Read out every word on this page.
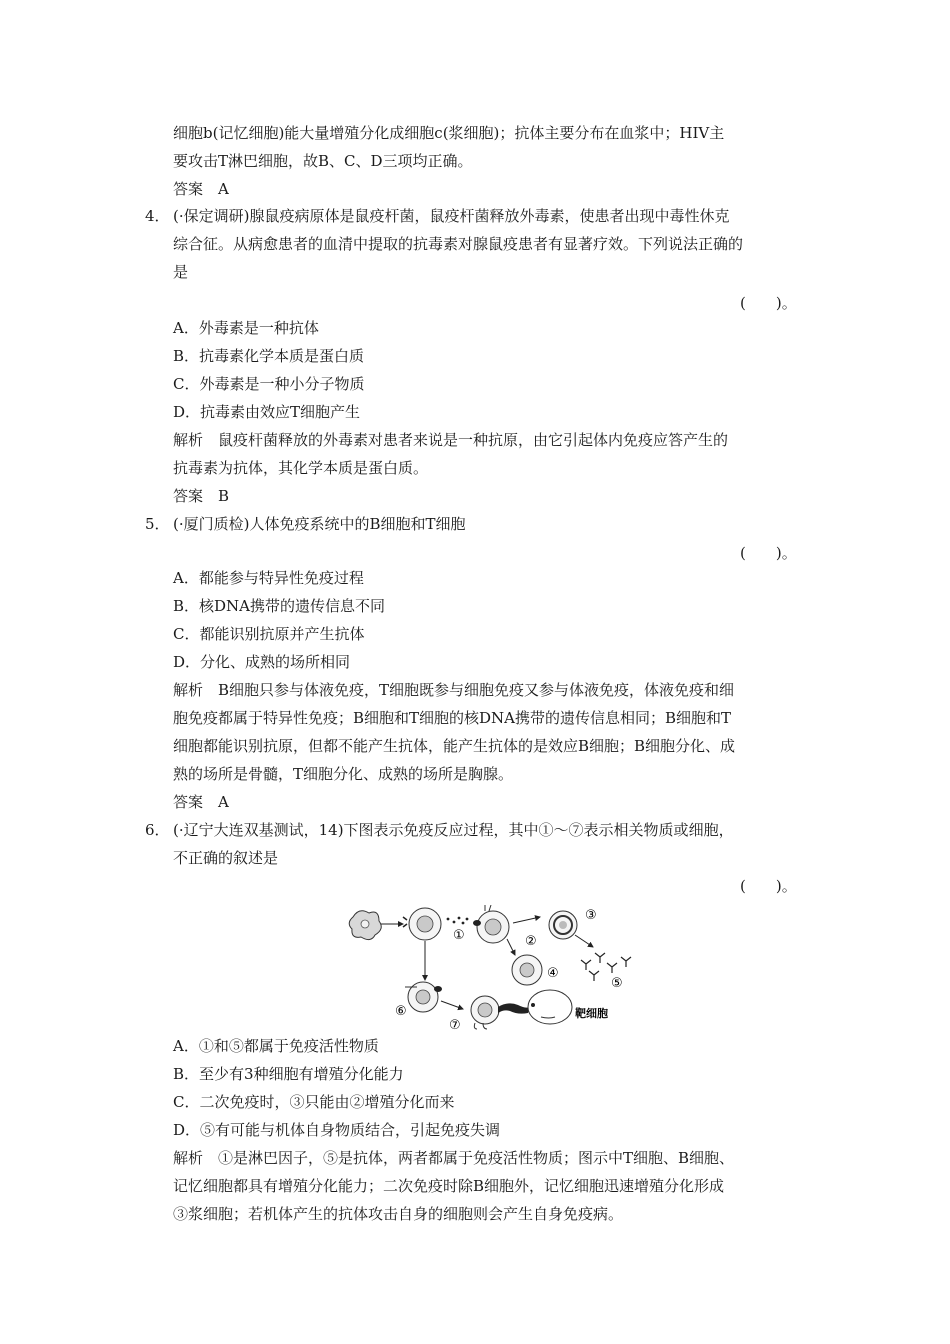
细胞b(记忆细胞)能大量增殖分化成细胞c(浆细胞)；抗体主要分布在血浆中；HIV主
要攻击T淋巴细胞，故B、C、D三项均正确。
答案　A
4． (·保定调研)腺鼠疫病原体是鼠疫杆菌，鼠疫杆菌释放外毒素，使患者出现中毒性休克
综合征。从病愈患者的血清中提取的抗毒素对腺鼠疫患者有显著疗效。下列说法正确的
是
(　　)。
A．外毒素是一种抗体
B．抗毒素化学本质是蛋白质
C．外毒素是一种小分子物质
D．抗毒素由效应T细胞产生
解析　鼠疫杆菌释放的外毒素对患者来说是一种抗原，由它引起体内免疫应答产生的
抗毒素为抗体，其化学本质是蛋白质。
答案　B
5． (·厦门质检)人体免疫系统中的B细胞和T细胞
(　　)。
A．都能参与特异性免疫过程
B．核DNA携带的遗传信息不同
C．都能识别抗原并产生抗体
D．分化、成熟的场所相同
解析　B细胞只参与体液免疫，T细胞既参与细胞免疫又参与体液免疫，体液免疫和细
胞免疫都属于特异性免疫；B细胞和T细胞的核DNA携带的遗传信息相同；B细胞和T
细胞都能识别抗原，但都不能产生抗体，能产生抗体的是效应B细胞；B细胞分化、成
熟的场所是骨髓，T细胞分化、成熟的场所是胸腺。
答案　A
6． (·辽宁大连双基测试，14)下图表示免疫反应过程，其中①～⑦表示相关物质或细胞，
不正确的叙述是
(　　)。
①	②
③
④
⑤
⑥
⑦
靶细胞
A．①和⑤都属于免疫活性物质
B．至少有3种细胞有增殖分化能力
C．二次免疫时，③只能由②增殖分化而来
D．⑤有可能与机体自身物质结合，引起免疫失调
解析　①是淋巴因子，⑤是抗体，两者都属于免疫活性物质；图示中T细胞、B细胞、
记忆细胞都具有增殖分化能力；二次免疫时除B细胞外，记忆细胞迅速增殖分化形成
③浆细胞；若机体产生的抗体攻击自身的细胞则会产生自身免疫病。
